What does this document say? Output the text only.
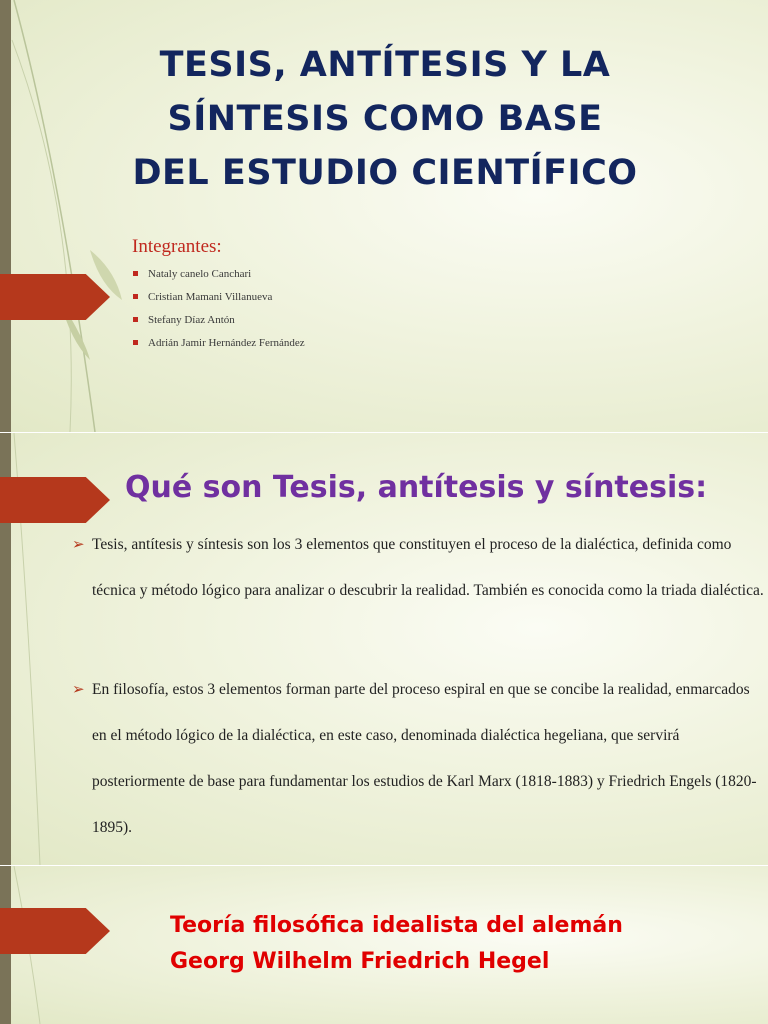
TESIS, ANTÍTESIS Y LA
SÍNTESIS COMO BASE
DEL ESTUDIO CIENTÍFICO

Integrantes:

Nataly canelo Canchari
Cristian Mamani Villanueva
Stefany Díaz Antón
Adrián Jamir Hernández Fernández
Qué son Tesis, antítesis y síntesis:

➢ Tesis, antítesis y síntesis son los 3 elementos que constituyen el proceso de la dialéctica, definida como técnica y método lógico para analizar o descubrir la realidad. También es conocida como la triada dialéctica.

➢ En filosofía, estos 3 elementos forman parte del proceso espiral en que se concibe la realidad, enmarcados en el método lógico de la dialéctica, en este caso, denominada dialéctica hegeliana, que servirá posteriormente de base para fundamentar los estudios de Karl Marx (1818-1883) y Friedrich Engels (1820-1895).

Teoría filosófica idealista del alemán
Georg Wilhelm Friedrich Hegel
